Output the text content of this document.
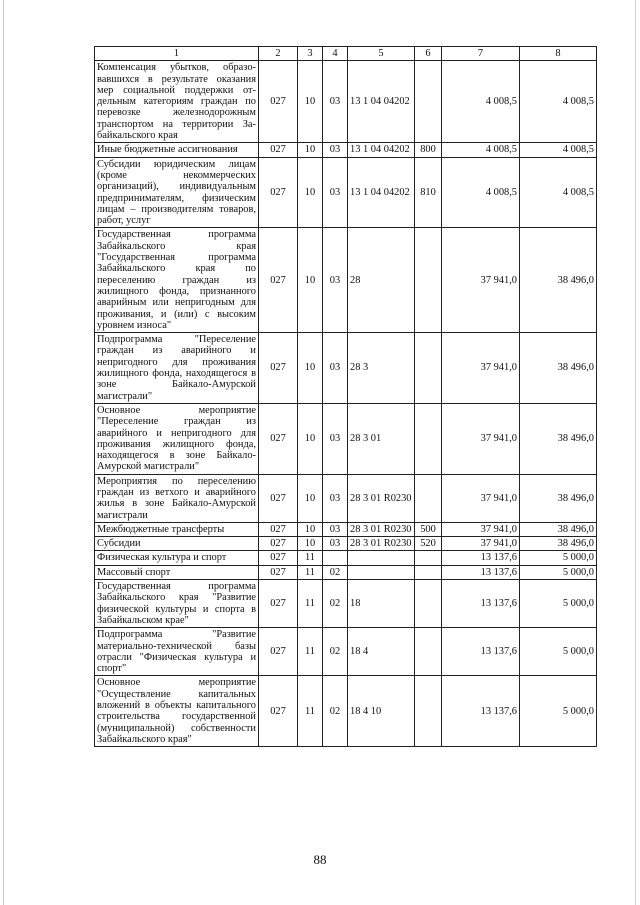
1	2	3	4	5	6	7	8
Компенсация убытков, образо-вавшихся в результате оказания мер социальной поддержки от-дельным категориям граждан по перевозке железнодорожным транспортом на территории За-байкальского края	027	10	03	13 1 04 04202		4 008,5	4 008,5
Иные бюджетные ассигнования	027	10	03	13 1 04 04202	800	4 008,5	4 008,5
Субсидии юридическим лицам (кроме некоммерческих организаций), индивидуальным предпринимателям, физическим лицам – производителям товаров, работ, услуг	027	10	03	13 1 04 04202	810	4 008,5	4 008,5
Государственная программа Забайкальского края "Государственная программа Забайкальского края по переселению граждан из жилищного фонда, признанного аварийным или непригодным для проживания, и (или) с высоким уровнем износа"	027	10	03	28		37 941,0	38 496,0
Подпрограмма "Переселение граждан из аварийного и непригодного для проживания жилищного фонда, находящегося в зоне Байкало-Амурской магистрали"	027	10	03	28 3		37 941,0	38 496,0
Основное мероприятие "Переселение граждан из аварийного и непригодного для проживания жилищного фонда, находящегося в зоне Байкало-Амурской магистрали"	027	10	03	28 3 01		37 941,0	38 496,0
Мероприятия по переселению граждан из ветхого и аварийного жилья в зоне Байкало-Амурской магистрали	027	10	03	28 3 01 R0230		37 941,0	38 496,0
Межбюджетные трансферты	027	10	03	28 3 01 R0230	500	37 941,0	38 496,0
Субсидии	027	10	03	28 3 01 R0230	520	37 941,0	38 496,0
Физическая культура и спорт	027	11				13 137,6	5 000,0
Массовый спорт	027	11	02			13 137,6	5 000,0
Государственная программа Забайкальского края "Развитие физической культуры и спорта в Забайкальском крае"	027	11	02	18		13 137,6	5 000,0
Подпрограмма "Развитие материально-технической базы отрасли "Физическая культура и спорт"	027	11	02	18 4		13 137,6	5 000,0
Основное мероприятие "Осуществление капитальных вложений в объекты капитального строительства государственной (муниципальной) собственности Забайкальского края"	027	11	02	18 4 10		13 137,6	5 000,0
88
